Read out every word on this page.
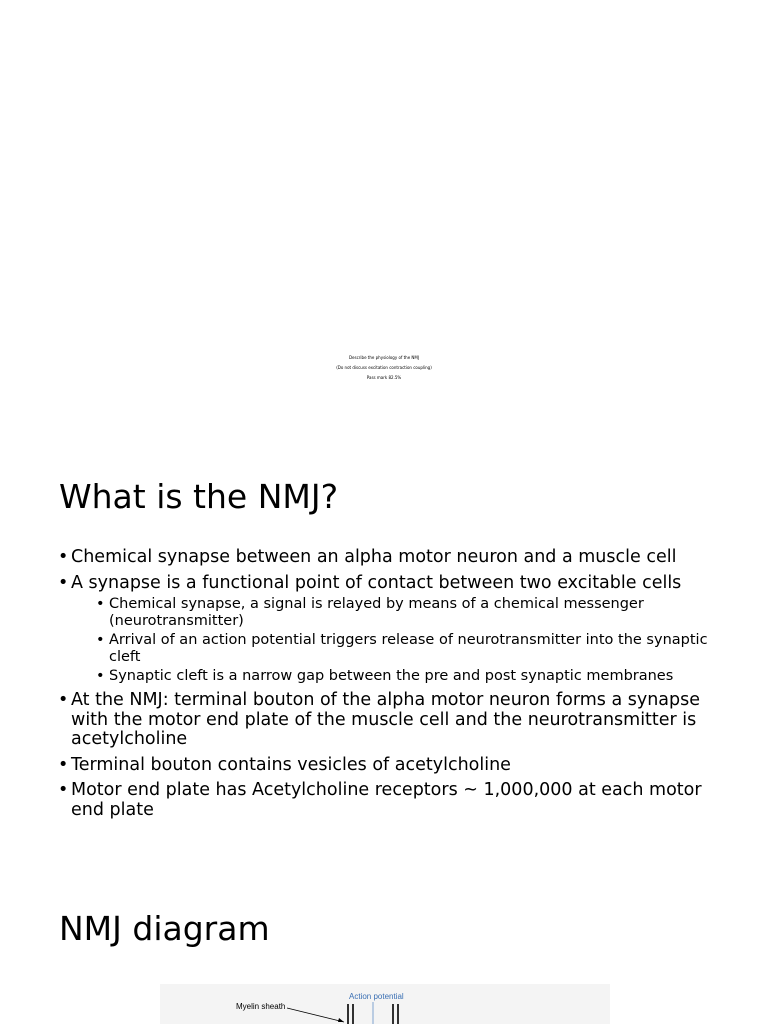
Describe the physiology of the NMJ
(Do not discuss excitation contraction coupling)
Pass mark 82.5%
What is the NMJ?
• Chemical synapse between an alpha motor neuron and a muscle cell
• A synapse is a functional point of contact between two excitable cells
• Chemical synapse, a signal is relayed by means of a chemical messenger (neurotransmitter)
• Arrival of an action potential triggers release of neurotransmitter into the synaptic cleft
• Synaptic cleft is a narrow gap between the pre and post synaptic membranes
• At the NMJ: terminal bouton of the alpha motor neuron forms a synapse with the motor end plate of the muscle cell and the neurotransmitter is acetylcholine
• Terminal bouton contains vesicles of acetylcholine
• Motor end plate has Acetylcholine receptors ~ 1,000,000 at each motor end plate
NMJ diagram
Myelin sheath
Action potential
